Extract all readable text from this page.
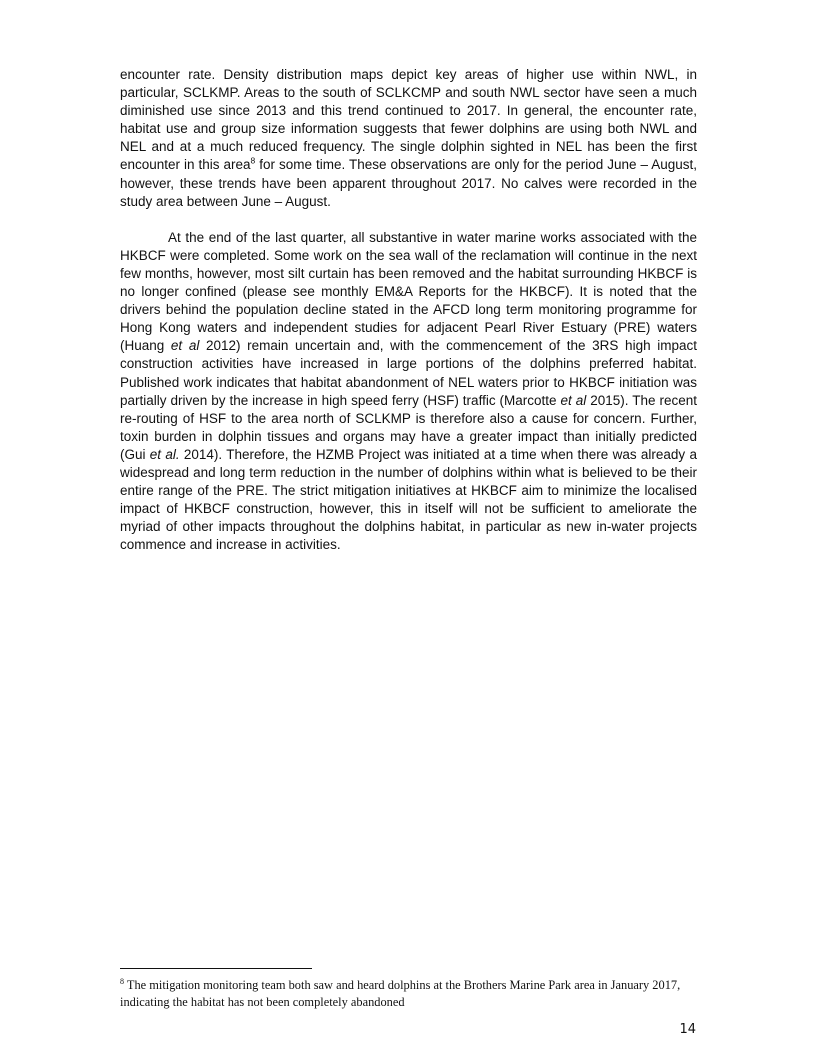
encounter rate. Density distribution maps depict key areas of higher use within NWL, in particular, SCLKMP. Areas to the south of SCLKCMP and south NWL sector have seen a much diminished use since 2013 and this trend continued to 2017. In general, the encounter rate, habitat use and group size information suggests that fewer dolphins are using both NWL and NEL and at a much reduced frequency. The single dolphin sighted in NEL has been the first encounter in this area$^8$ for some time. These observations are only for the period June – August, however, these trends have been apparent throughout 2017. No calves were recorded in the study area between June – August.

At the end of the last quarter, all substantive in water marine works associated with the HKBCF were completed. Some work on the sea wall of the reclamation will continue in the next few months, however, most silt curtain has been removed and the habitat surrounding HKBCF is no longer confined (please see monthly EM&A Reports for the HKBCF). It is noted that the drivers behind the population decline stated in the AFCD long term monitoring programme for Hong Kong waters and independent studies for adjacent Pearl River Estuary (PRE) waters (Huang et al 2012) remain uncertain and, with the commencement of the 3RS high impact construction activities have increased in large portions of the dolphins preferred habitat. Published work indicates that habitat abandonment of NEL waters prior to HKBCF initiation was partially driven by the increase in high speed ferry (HSF) traffic (Marcotte et al 2015). The recent re-routing of HSF to the area north of SCLKMP is therefore also a cause for concern. Further, toxin burden in dolphin tissues and organs may have a greater impact than initially predicted (Gui et al. 2014). Therefore, the HZMB Project was initiated at a time when there was already a widespread and long term reduction in the number of dolphins within what is believed to be their entire range of the PRE. The strict mitigation initiatives at HKBCF aim to minimize the localised impact of HKBCF construction, however, this in itself will not be sufficient to ameliorate the myriad of other impacts throughout the dolphins habitat, in particular as new in-water projects commence and increase in activities.

$^8$ The mitigation monitoring team both saw and heard dolphins at the Brothers Marine Park area in January 2017, indicating the habitat has not been completely abandoned
14
